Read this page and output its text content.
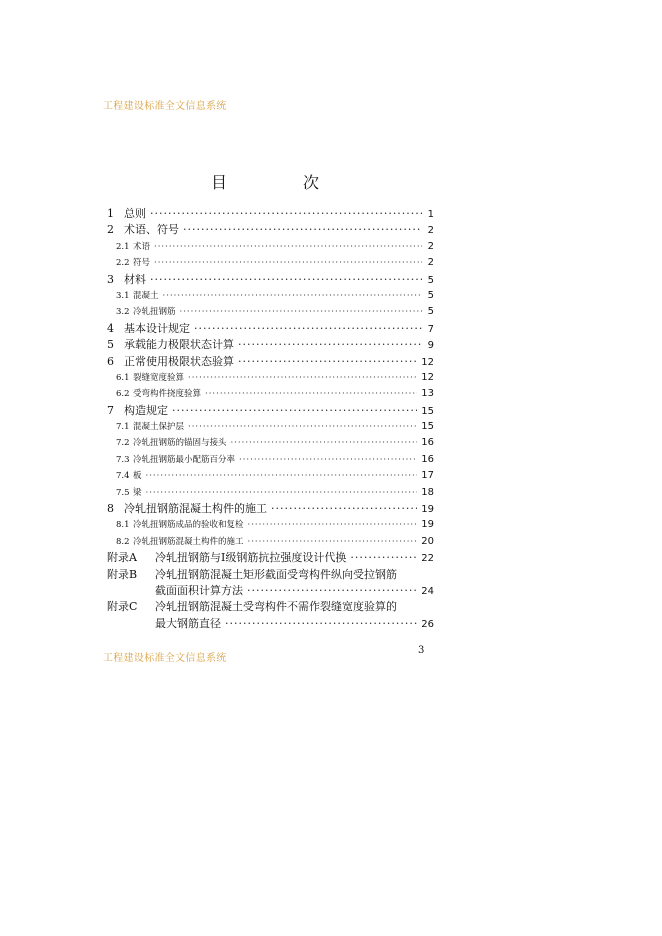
工程建设标准全文信息系统
目　次
1 总则 ·····	1
2 术语、符号 ·····	2
2.1 术语 ·····	2
2.2 符号 ·····	2
3 材料 ·····	5
3.1 混凝土 ·····	5
3.2 冷轧扭钢筋 ·····	5
4 基本设计规定 ·····	7
5 承载能力极限状态计算 ·····	9
6 正常使用极限状态验算 ·····	12
6.1 裂缝宽度验算 ·····	12
6.2 受弯构件挠度验算 ·····	13
7 构造规定 ·····	15
7.1 混凝土保护层 ·····	15
7.2 冷轧扭钢筋的锚固与接头 ·····	16
7.3 冷轧扭钢筋最小配筋百分率 ·····	16
7.4 板 ·····	17
7.5 梁 ·····	18
8 冷轧扭钢筋混凝土构件的施工 ·····	19
8.1 冷轧扭钢筋成品的验收和复检 ·····	19
8.2 冷轧扭钢筋混凝土构件的施工 ·····	20
附录A	冷轧扭钢筋与Ⅰ级钢筋抗拉强度设计代换 ·····	22
附录B	冷轧扭钢筋混凝土矩形截面受弯构件纵向受拉钢筋
截面面积计算方法 ·····	24
附录C	冷轧扭钢筋混凝土受弯构件不需作裂缝宽度验算的
最大钢筋直径 ·····	26
工程建设标准全文信息系统
3
